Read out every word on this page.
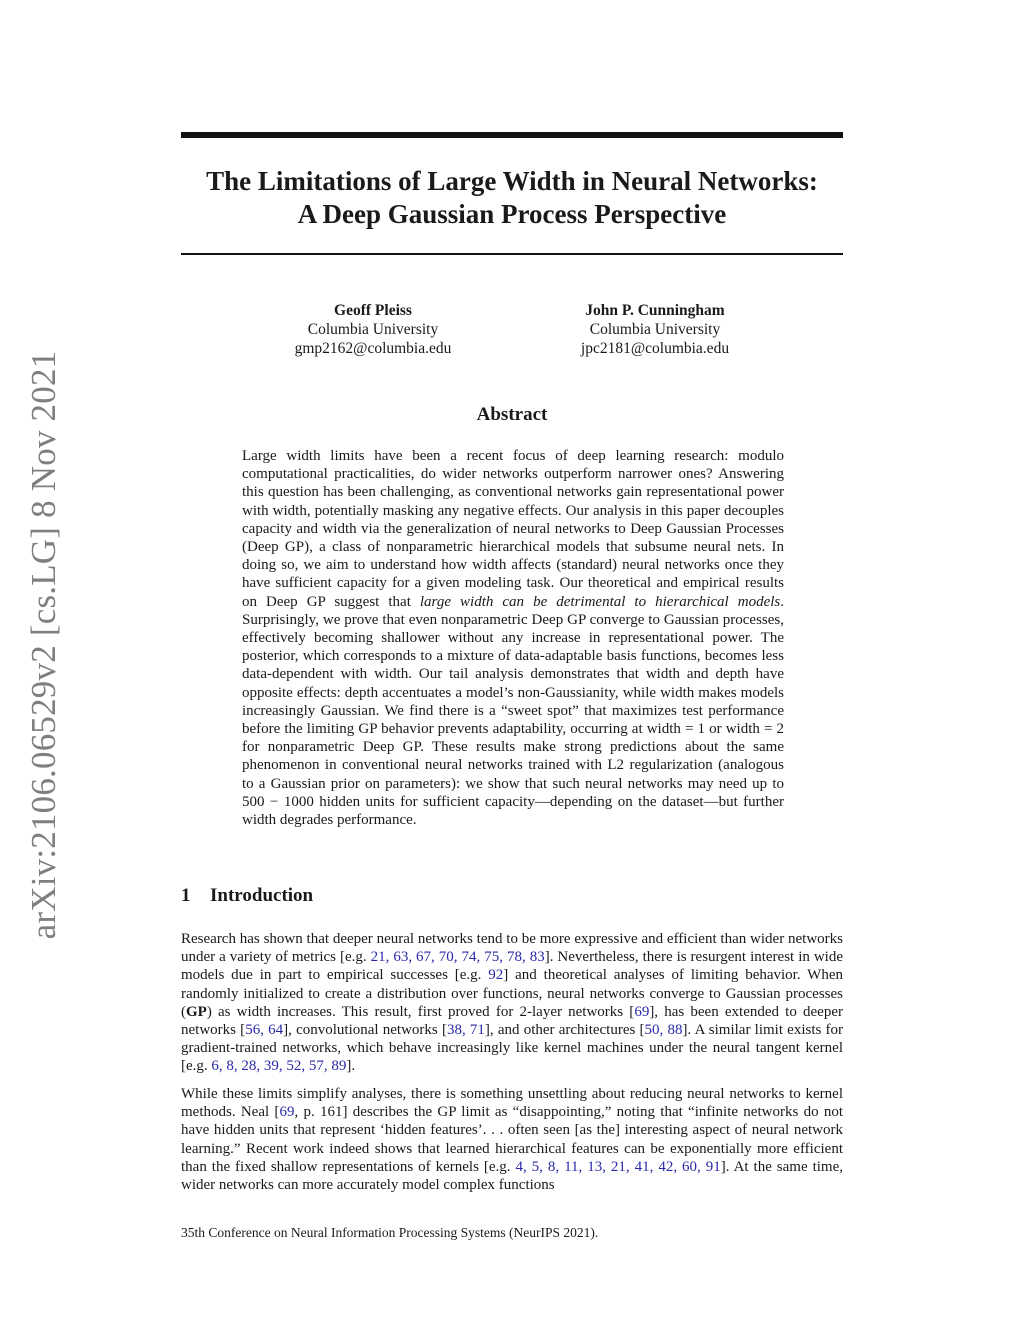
arXiv:2106.06529v2 [cs.LG] 8 Nov 2021
The Limitations of Large Width in Neural Networks:
A Deep Gaussian Process Perspective
Geoff Pleiss
Columbia University
gmp2162@columbia.edu
John P. Cunningham
Columbia University
jpc2181@columbia.edu
Abstract
Large width limits have been a recent focus of deep learning research: modulo computational practicalities, do wider networks outperform narrower ones? Answering this question has been challenging, as conventional networks gain representational power with width, potentially masking any negative effects. Our analysis in this paper decouples capacity and width via the generalization of neural networks to Deep Gaussian Processes (Deep GP), a class of nonparametric hierarchical models that subsume neural nets. In doing so, we aim to understand how width affects (standard) neural networks once they have sufficient capacity for a given modeling task. Our theoretical and empirical results on Deep GP suggest that large width can be detrimental to hierarchical models. Surprisingly, we prove that even nonparametric Deep GP converge to Gaussian processes, effectively becoming shallower without any increase in representational power. The posterior, which corresponds to a mixture of data-adaptable basis functions, becomes less data-dependent with width. Our tail analysis demonstrates that width and depth have opposite effects: depth accentuates a model’s non-Gaussianity, while width makes models increasingly Gaussian. We find there is a “sweet spot” that maximizes test performance before the limiting GP behavior prevents adaptability, occurring at width = 1 or width = 2 for nonparametric Deep GP. These results make strong predictions about the same phenomenon in conventional neural networks trained with L2 regularization (analogous to a Gaussian prior on parameters): we show that such neural networks may need up to 500 − 1000 hidden units for sufficient capacity—depending on the dataset—but further width degrades performance.
1 Introduction
Research has shown that deeper neural networks tend to be more expressive and efficient than wider networks under a variety of metrics [e.g. 21, 63, 67, 70, 74, 75, 78, 83]. Nevertheless, there is resurgent interest in wide models due in part to empirical successes [e.g. 92] and theoretical analyses of limiting behavior. When randomly initialized to create a distribution over functions, neural networks converge to Gaussian processes (GP) as width increases. This result, first proved for 2-layer networks [69], has been extended to deeper networks [56, 64], convolutional networks [38, 71], and other architectures [50, 88]. A similar limit exists for gradient-trained networks, which behave increasingly like kernel machines under the neural tangent kernel [e.g. 6, 8, 28, 39, 52, 57, 89].
While these limits simplify analyses, there is something unsettling about reducing neural networks to kernel methods. Neal [69, p. 161] describes the GP limit as “disappointing,” noting that “infinite networks do not have hidden units that represent ‘hidden features’. . . often seen [as the] interesting aspect of neural network learning.” Recent work indeed shows that learned hierarchical features can be exponentially more efficient than the fixed shallow representations of kernels [e.g. 4, 5, 8, 11, 13, 21, 41, 42, 60, 91]. At the same time, wider networks can more accurately model complex functions
35th Conference on Neural Information Processing Systems (NeurIPS 2021).
